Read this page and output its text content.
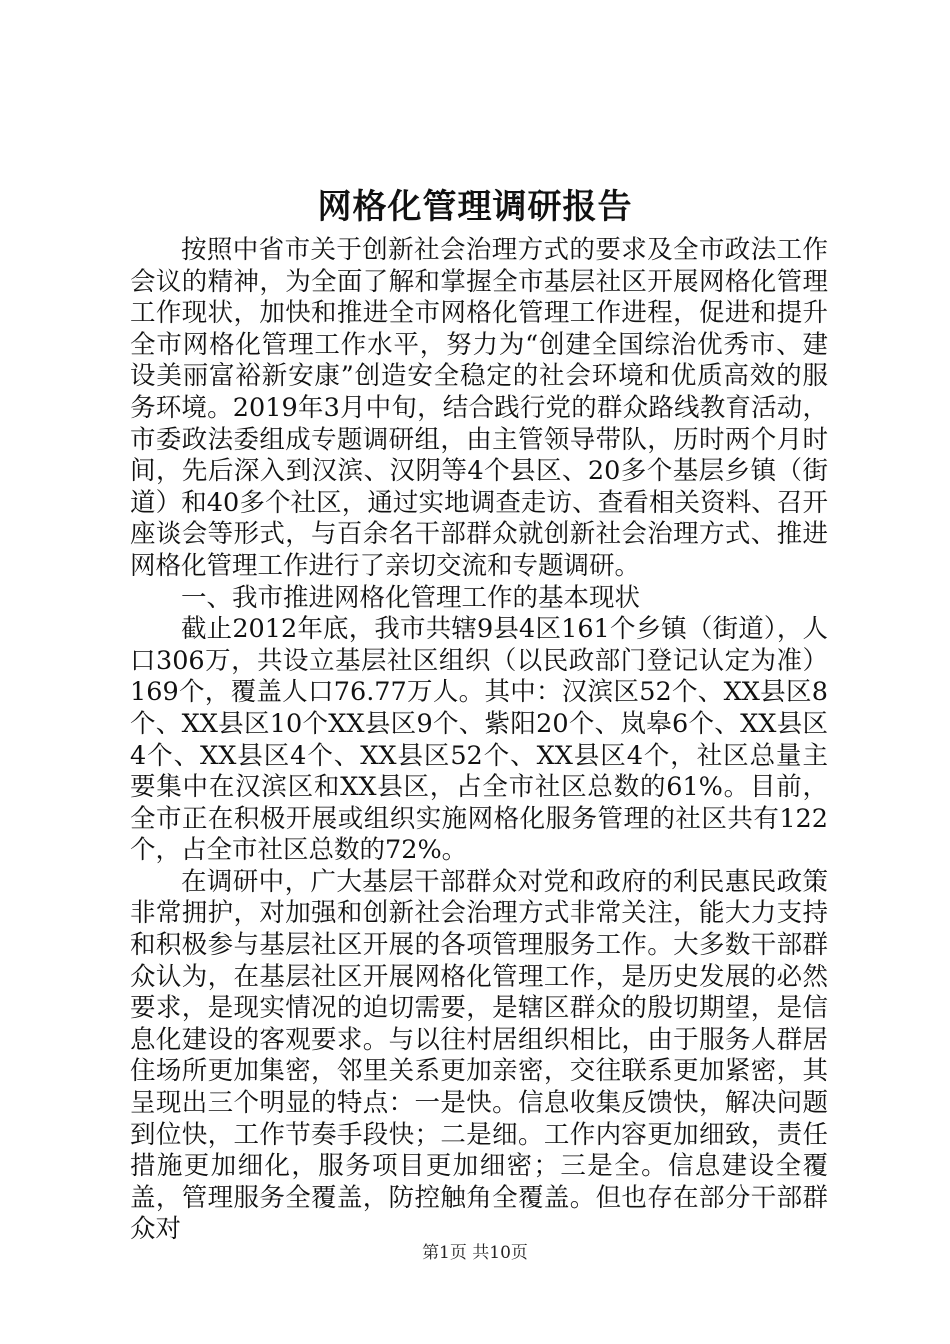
网格化管理调研报告

按照中省市关于创新社会治理方式的要求及全市政法工作会议的精神，为全面了解和掌握全市基层社区开展网格化管理工作现状，加快和推进全市网格化管理工作进程，促进和提升全市网格化管理工作水平，努力为“创建全国综治优秀市、建设美丽富裕新安康”创造安全稳定的社会环境和优质高效的服务环境。2019年3月中旬，结合践行党的群众路线教育活动，市委政法委组成专题调研组，由主管领导带队，历时两个月时间，先后深入到汉滨、汉阴等4个县区、20多个基层乡镇（街道）和40多个社区，通过实地调查走访、查看相关资料、召开座谈会等形式，与百余名干部群众就创新社会治理方式、推进网格化管理工作进行了亲切交流和专题调研。

一、我市推进网格化管理工作的基本现状

截止2012年底，我市共辖9县4区161个乡镇（街道），人口306万，共设立基层社区组织（以民政部门登记认定为准）169个，覆盖人口76.77万人。其中：汉滨区52个、XX县区8个、XX县区10个XX县区9个、紫阳20个、岚皋6个、XX县区4个、XX县区4个、XX县区52个、XX县区4个，社区总量主要集中在汉滨区和XX县区，占全市社区总数的61%。目前，全市正在积极开展或组织实施网格化服务管理的社区共有122个，占全市社区总数的72%。

在调研中，广大基层干部群众对党和政府的利民惠民政策非常拥护，对加强和创新社会治理方式非常关注，能大力支持和积极参与基层社区开展的各项管理服务工作。大多数干部群众认为，在基层社区开展网格化管理工作，是历史发展的必然要求，是现实情况的迫切需要，是辖区群众的殷切期望，是信息化建设的客观要求。与以往村居组织相比，由于服务人群居住场所更加集密，邻里关系更加亲密，交往联系更加紧密，其呈现出三个明显的特点：一是快。信息收集反馈快，解决问题到位快，工作节奏手段快；二是细。工作内容更加细致，责任措施更加细化，服务项目更加细密；三是全。信息建设全覆盖，管理服务全覆盖，防控触角全覆盖。但也存在部分干部群众对

第1页 共10页
